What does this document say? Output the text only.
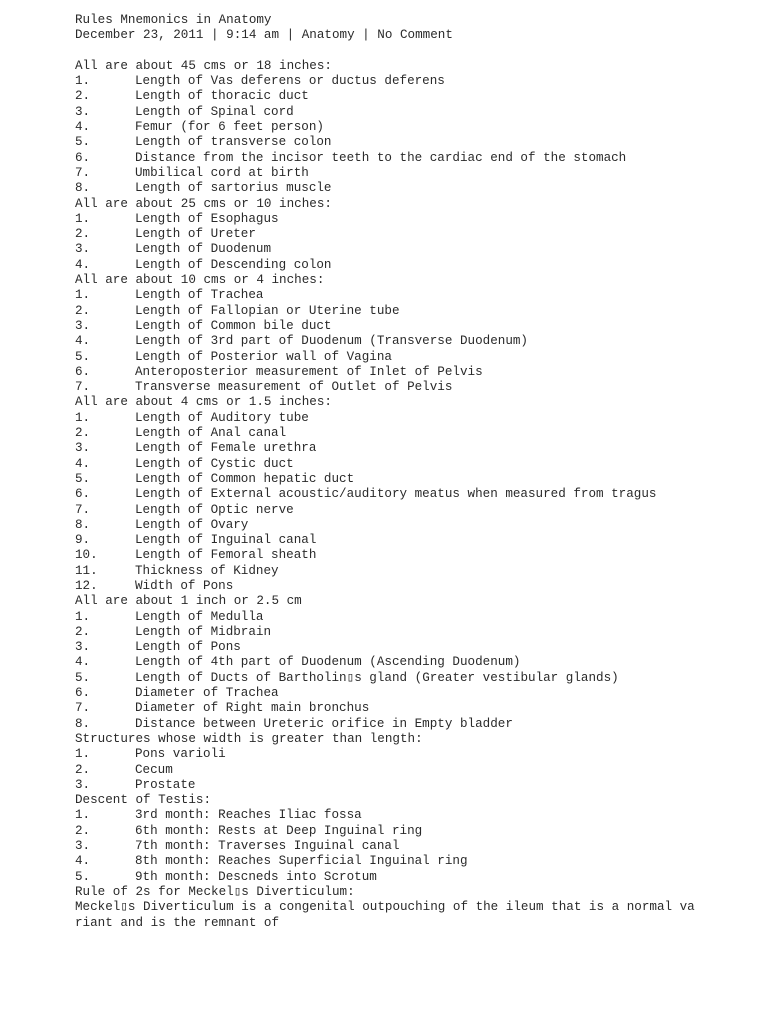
Rules Mnemonics in Anatomy
December 23, 2011 | 9:14 am | Anatomy | No Comment
All are about 45 cms or 18 inches:
1.	Length of Vas deferens or ductus deferens
2.	Length of thoracic duct
3.	Length of Spinal cord
4.	Femur (for 6 feet person)
5.	Length of transverse colon
6.	Distance from the incisor teeth to the cardiac end of the stomach
7.	Umbilical cord at birth
8.	Length of sartorius muscle
All are about 25 cms or 10 inches:
1.	Length of Esophagus
2.	Length of Ureter
3.	Length of Duodenum
4.	Length of Descending colon
All are about 10 cms or 4 inches:
1.	Length of Trachea
2.	Length of Fallopian or Uterine tube
3.	Length of Common bile duct
4.	Length of 3rd part of Duodenum (Transverse Duodenum)
5.	Length of Posterior wall of Vagina
6.	Anteroposterior measurement of Inlet of Pelvis
7.	Transverse measurement of Outlet of Pelvis
All are about 4 cms or 1.5 inches:
1.	Length of Auditory tube
2.	Length of Anal canal
3.	Length of Female urethra
4.	Length of Cystic duct
5.	Length of Common hepatic duct
6.	Length of External acoustic/auditory meatus when measured from tragus
7.	Length of Optic nerve
8.	Length of Ovary
9.	Length of Inguinal canal
10.	Length of Femoral sheath
11.	Thickness of Kidney
12.	Width of Pons
All are about 1 inch or 2.5 cm
1.	Length of Medulla
2.	Length of Midbrain
3.	Length of Pons
4.	Length of 4th part of Duodenum (Ascending Duodenum)
5.	Length of Ducts of Bartholin▯s gland (Greater vestibular glands)
6.	Diameter of Trachea
7.	Diameter of Right main bronchus
8.	Distance between Ureteric orifice in Empty bladder
Structures whose width is greater than length:
1.	Pons varioli
2.	Cecum
3.	Prostate
Descent of Testis:
1.	3rd month: Reaches Iliac fossa
2.	6th month: Rests at Deep Inguinal ring
3.	7th month: Traverses Inguinal canal
4.	8th month: Reaches Superficial Inguinal ring
5.	9th month: Descneds into Scrotum
Rule of 2s for Meckel▯s Diverticulum:
Meckel▯s Diverticulum is a congenital outpouching of the ileum that is a normal va
riant and is the remnant of
